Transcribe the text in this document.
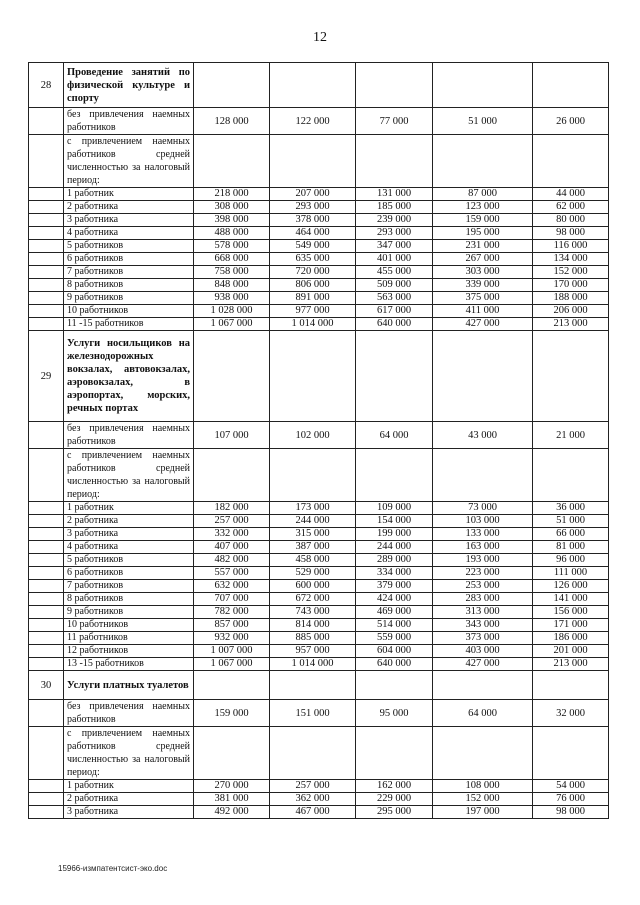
12
28	Проведение занятий по физической культуре и спорту					
	без привлечения наемных работников	128 000	122 000	77 000	51 000	26 000
	с привлечением наемных работников средней численностью за налоговый период:					
	1 работник	218 000	207 000	131 000	87 000	44 000
	2 работника	308 000	293 000	185 000	123 000	62 000
	3 работника	398 000	378 000	239 000	159 000	80 000
	4 работника	488 000	464 000	293 000	195 000	98 000
	5 работников	578 000	549 000	347 000	231 000	116 000
	6 работников	668 000	635 000	401 000	267 000	134 000
	7 работников	758 000	720 000	455 000	303 000	152 000
	8 работников	848 000	806 000	509 000	339 000	170 000
	9 работников	938 000	891 000	563 000	375 000	188 000
	10 работников	1 028 000	977 000	617 000	411 000	206 000
	11 -15 работников	1 067 000	1 014 000	640 000	427 000	213 000
29	Услуги носильщиков на железнодорожных вокзалах, автовокзалах, аэровокзалах, в аэропортах, морских, речных портах					
	без привлечения наемных работников	107 000	102 000	64 000	43 000	21 000
	с привлечением наемных работников средней численностью за налоговый период:					
	1 работник	182 000	173 000	109 000	73 000	36 000
	2 работника	257 000	244 000	154 000	103 000	51 000
	3 работника	332 000	315 000	199 000	133 000	66 000
	4 работника	407 000	387 000	244 000	163 000	81 000
	5 работников	482 000	458 000	289 000	193 000	96 000
	6 работников	557 000	529 000	334 000	223 000	111 000
	7 работников	632 000	600 000	379 000	253 000	126 000
	8 работников	707 000	672 000	424 000	283 000	141 000
	9 работников	782 000	743 000	469 000	313 000	156 000
	10 работников	857 000	814 000	514 000	343 000	171 000
	11 работников	932 000	885 000	559 000	373 000	186 000
	12 работников	1 007 000	957 000	604 000	403 000	201 000
	13 -15 работников	1 067 000	1 014 000	640 000	427 000	213 000
30	Услуги платных туалетов					
	без привлечения наемных работников	159 000	151 000	95 000	64 000	32 000
	с привлечением наемных работников средней численностью за налоговый период:					
	1 работник	270 000	257 000	162 000	108 000	54 000
	2 работника	381 000	362 000	229 000	152 000	76 000
	3 работника	492 000	467 000	295 000	197 000	98 000
15966-измпатентсист-эко.doc
